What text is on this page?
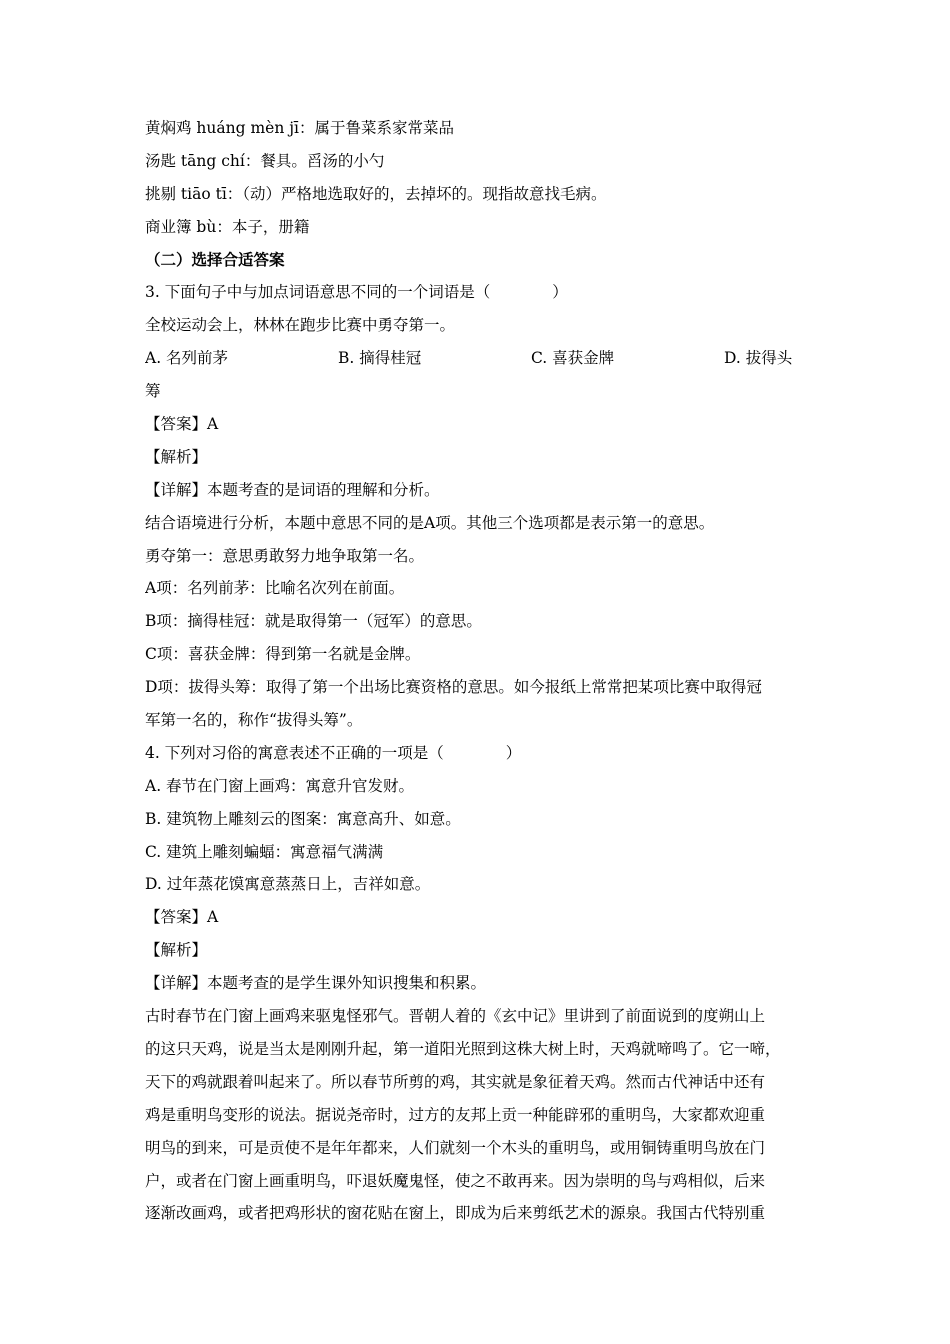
黄焖鸡 huáng mèn jī：属于鲁菜系家常菜品
汤匙 tāng chí：餐具。舀汤的小勺
挑剔 tiāo tī：（动）严格地选取好的，去掉坏的。现指故意找毛病。
商业簿 bù：本子，册籍
（二）选择合适答案
3. 下面句子中与加点词语意思不同的一个词语是（　　　　）
全校运动会上，林林在跑步比赛中勇夺第一。
A. 名列前茅	B. 摘得桂冠	C. 喜获金牌	D. 拔得头
筹
【答案】A
【解析】
【详解】本题考查的是词语的理解和分析。
结合语境进行分析，本题中意思不同的是A项。其他三个选项都是表示第一的意思。
勇夺第一：意思勇敢努力地争取第一名。
A项：名列前茅：比喻名次列在前面。
B项：摘得桂冠：就是取得第一（冠军）的意思。
C项：喜获金牌：得到第一名就是金牌。
D项：拔得头筹：取得了第一个出场比赛资格的意思。如今报纸上常常把某项比赛中取得冠
军第一名的，称作“拔得头筹”。
4. 下列对习俗的寓意表述不正确的一项是（　　　　）
A. 春节在门窗上画鸡：寓意升官发财。
B. 建筑物上雕刻云的图案：寓意高升、如意。
C. 建筑上雕刻蝙蝠：寓意福气满满
D. 过年蒸花馍寓意蒸蒸日上，吉祥如意。
【答案】A
【解析】
【详解】本题考查的是学生课外知识搜集和积累。
古时春节在门窗上画鸡来驱鬼怪邪气。晋朝人着的《玄中记》里讲到了前面说到的度朔山上
的这只天鸡，说是当太是刚刚升起，第一道阳光照到这株大树上时，天鸡就啼鸣了。它一啼，
天下的鸡就跟着叫起来了。所以春节所剪的鸡，其实就是象征着天鸡。然而古代神话中还有
鸡是重明鸟变形的说法。据说尧帝时，过方的友邦上贡一种能辟邪的重明鸟，大家都欢迎重
明鸟的到来，可是贡使不是年年都来，人们就刻一个木头的重明鸟，或用铜铸重明鸟放在门
户，或者在门窗上画重明鸟，吓退妖魔鬼怪，使之不敢再来。因为崇明的鸟与鸡相似，后来
逐渐改画鸡，或者把鸡形状的窗花贴在窗上，即成为后来剪纸艺术的源泉。我国古代特别重
